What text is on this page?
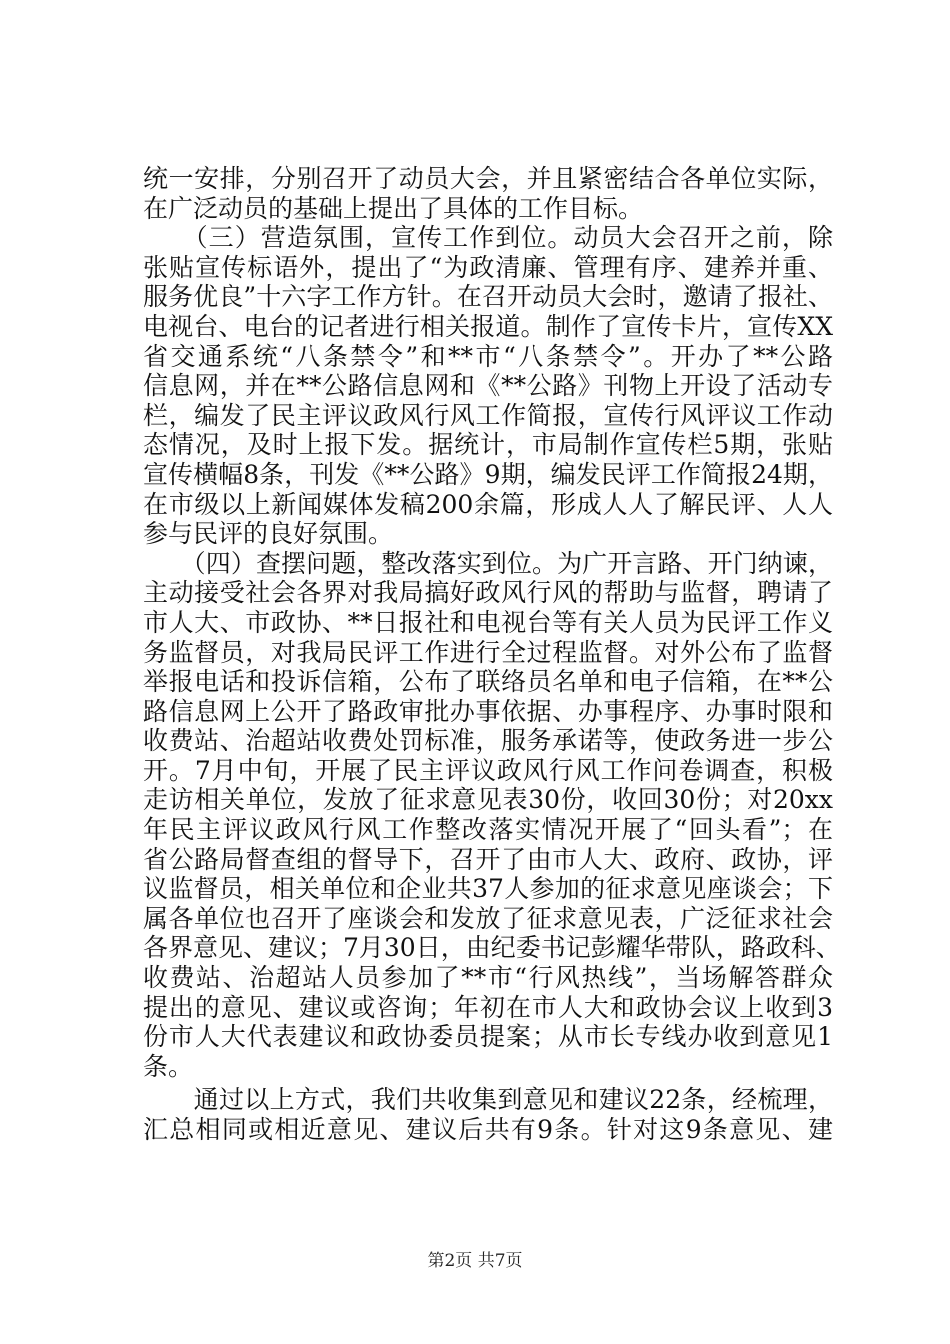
统一安排，分别召开了动员大会，并且紧密结合各单位实际，
在广泛动员的基础上提出了具体的工作目标。
　　（三）营造氛围，宣传工作到位。动员大会召开之前，除
张贴宣传标语外，提出了“为政清廉、管理有序、建养并重、
服务优良”十六字工作方针。在召开动员大会时，邀请了报社、
电视台、电台的记者进行相关报道。制作了宣传卡片，宣传XX
省交通系统“八条禁令”和**市“八条禁令”。开办了**公路
信息网，并在**公路信息网和《**公路》刊物上开设了活动专
栏，编发了民主评议政风行风工作简报，宣传行风评议工作动
态情况，及时上报下发。据统计，市局制作宣传栏5期，张贴
宣传横幅8条，刊发《**公路》9期，编发民评工作简报24期，
在市级以上新闻媒体发稿200余篇，形成人人了解民评、人人
参与民评的良好氛围。
　　（四）查摆问题，整改落实到位。为广开言路、开门纳谏，
主动接受社会各界对我局搞好政风行风的帮助与监督，聘请了
市人大、市政协、**日报社和电视台等有关人员为民评工作义
务监督员，对我局民评工作进行全过程监督。对外公布了监督
举报电话和投诉信箱，公布了联络员名单和电子信箱，在**公
路信息网上公开了路政审批办事依据、办事程序、办事时限和
收费站、治超站收费处罚标准，服务承诺等，使政务进一步公
开。7月中旬，开展了民主评议政风行风工作问卷调查，积极
走访相关单位，发放了征求意见表30份，收回30份；对20xx
年民主评议政风行风工作整改落实情况开展了“回头看”；在
省公路局督查组的督导下，召开了由市人大、政府、政协，评
议监督员，相关单位和企业共37人参加的征求意见座谈会；下
属各单位也召开了座谈会和发放了征求意见表，广泛征求社会
各界意见、建议；7月30日，由纪委书记彭耀华带队，路政科、
收费站、治超站人员参加了**市“行风热线”，当场解答群众
提出的意见、建议或咨询；年初在市人大和政协会议上收到3
份市人大代表建议和政协委员提案；从市长专线办收到意见1
条。
　　通过以上方式，我们共收集到意见和建议22条，经梳理，
汇总相同或相近意见、建议后共有9条。针对这9条意见、建
第2页 共7页
